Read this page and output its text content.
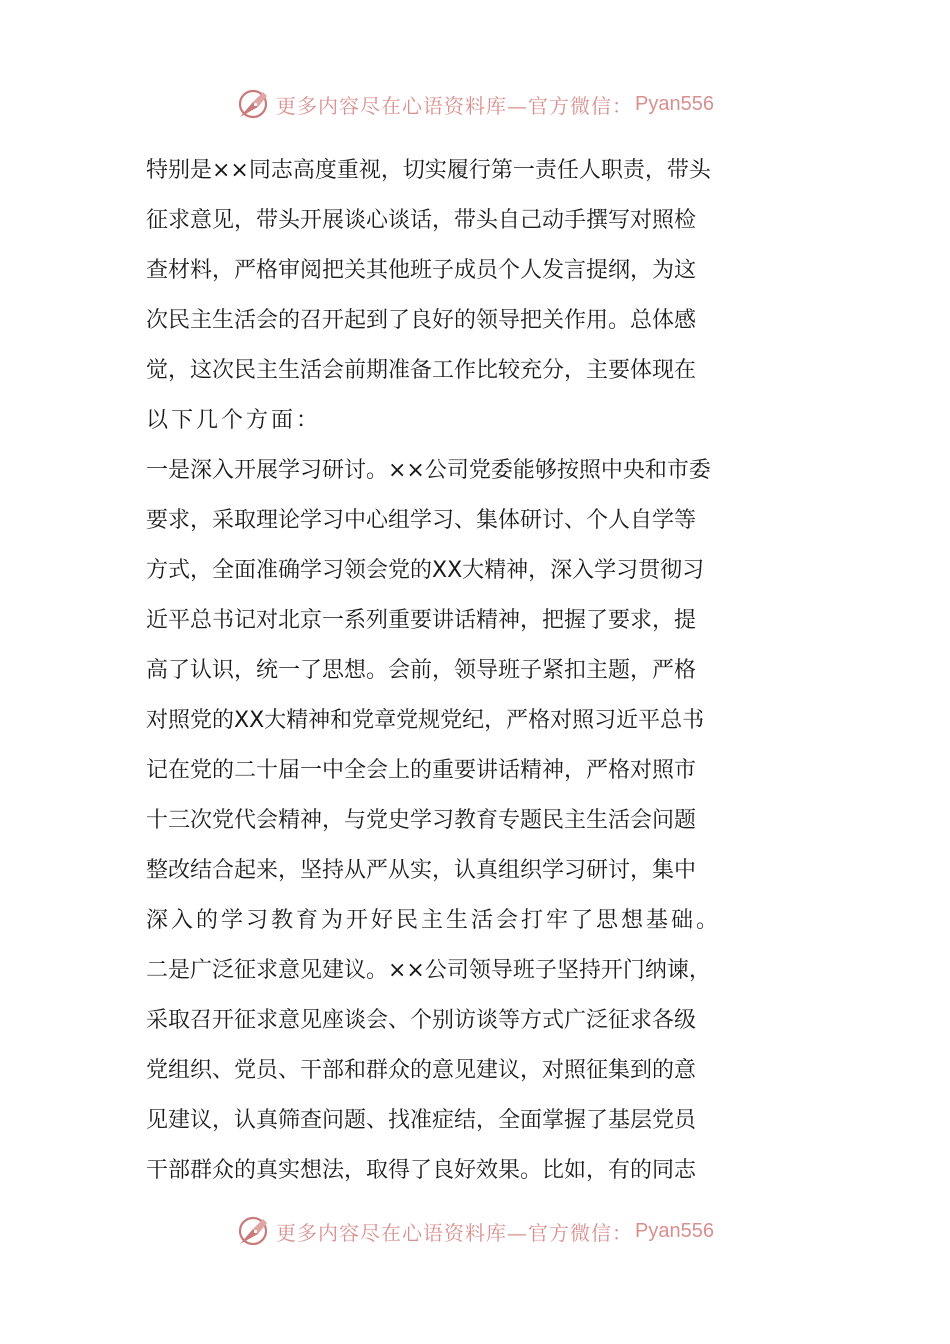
更多内容尽在心语资料库—官方微信： Pyan556
特别是××同志高度重视，切实履行第一责任人职责，带头
征求意见，带头开展谈心谈话，带头自己动手撰写对照检
查材料，严格审阅把关其他班子成员个人发言提纲，为这
次民主生活会的召开起到了良好的领导把关作用。总体感
觉，这次民主生活会前期准备工作比较充分，主要体现在
以下几个方面：
一是深入开展学习研讨。××公司党委能够按照中央和市委
要求，采取理论学习中心组学习、集体研讨、个人自学等
方式，全面准确学习领会党的XX大精神，深入学习贯彻习
近平总书记对北京一系列重要讲话精神，把握了要求，提
高了认识，统一了思想。会前，领导班子紧扣主题，严格
对照党的XX大精神和党章党规党纪，严格对照习近平总书
记在党的二十届一中全会上的重要讲话精神，严格对照市
十三次党代会精神，与党史学习教育专题民主生活会问题
整改结合起来，坚持从严从实，认真组织学习研讨，集中
深入的学习教育为开好民主生活会打牢了思想基础。
二是广泛征求意见建议。××公司领导班子坚持开门纳谏，
采取召开征求意见座谈会、个别访谈等方式广泛征求各级
党组织、党员、干部和群众的意见建议，对照征集到的意
见建议，认真筛查问题、找准症结，全面掌握了基层党员
干部群众的真实想法，取得了良好效果。比如，有的同志
更多内容尽在心语资料库—官方微信： Pyan556
